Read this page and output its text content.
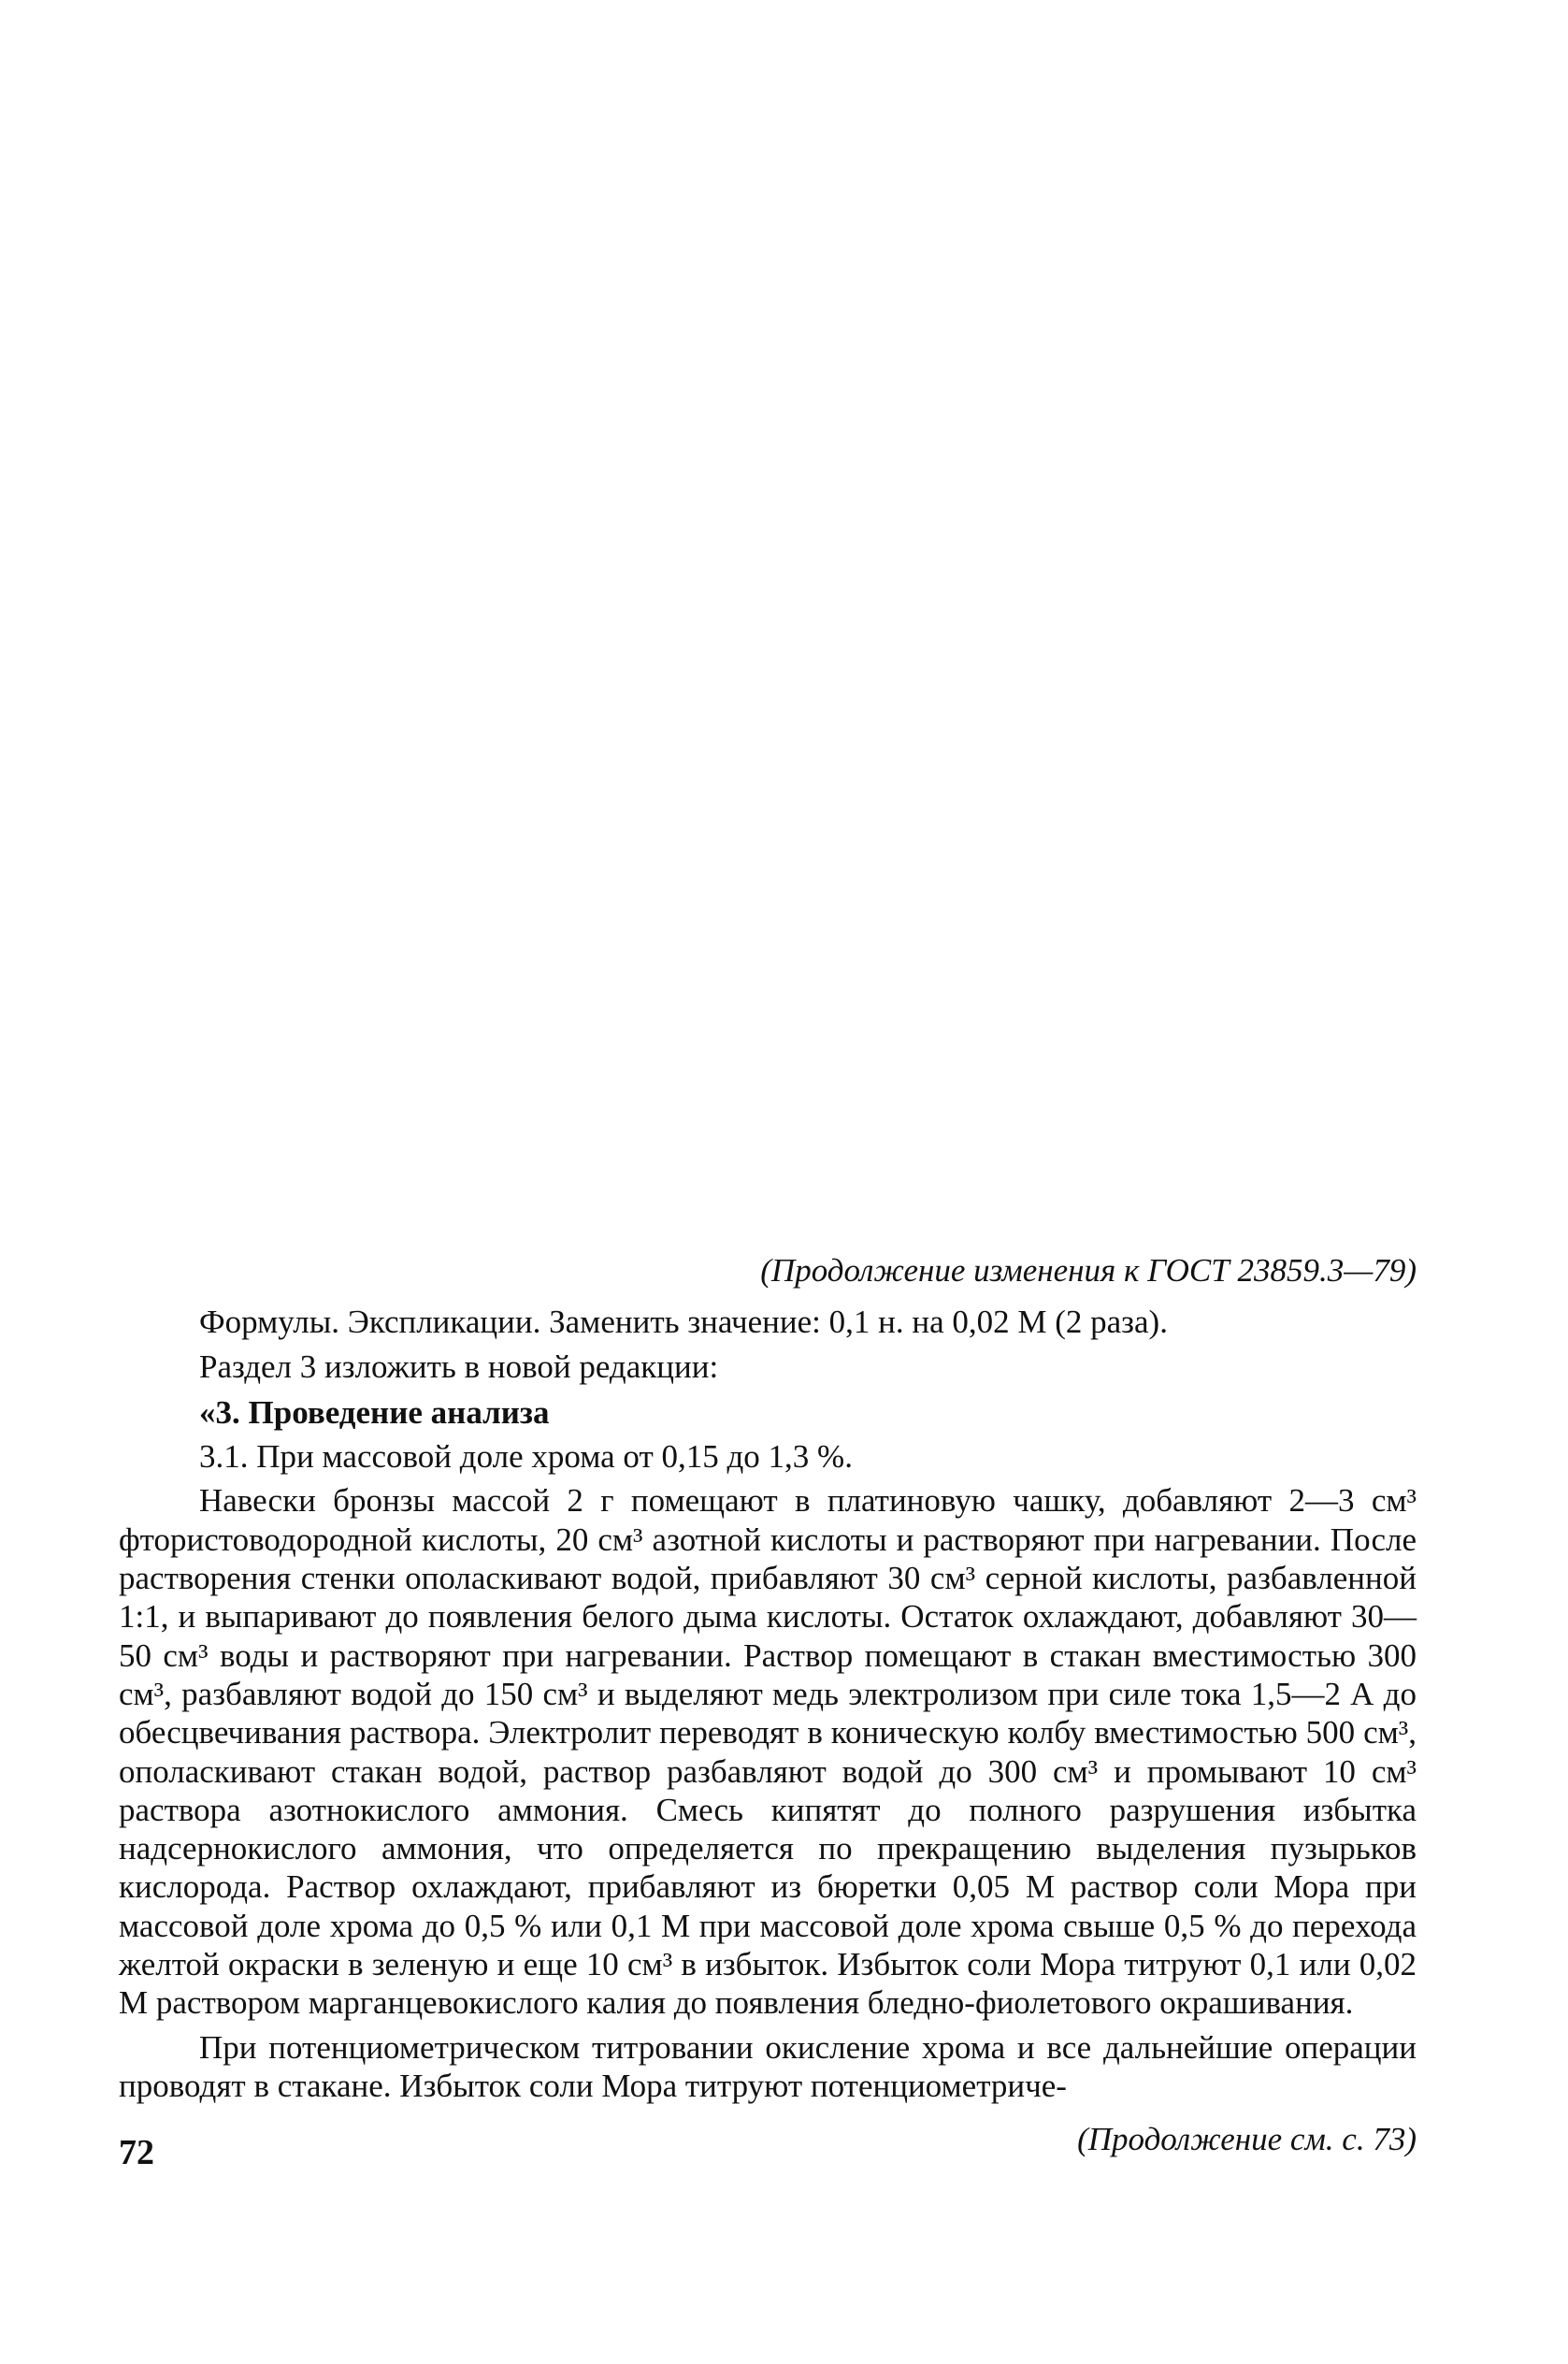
(Продолжение изменения к ГОСТ 23859.3—79)

Формулы. Экспликации. Заменить значение: 0,1 н. на 0,02 М (2 раза).

Раздел 3 изложить в новой редакции:

«3. Проведение анализа

3.1. При массовой доле хрома от 0,15 до 1,3 %.

Навески бронзы массой 2 г помещают в платиновую чашку, добавляют 2—3 см³ фтористоводородной кислоты, 20 см³ азотной кислоты и растворяют при нагревании. После растворения стенки ополаскивают водой, прибавляют 30 см³ серной кислоты, разбавленной 1:1, и выпаривают до появления белого дыма кислоты. Остаток охлаждают, добавляют 30—50 см³ воды и растворяют при нагревании. Раствор помещают в стакан вместимостью 300 см³, разбавляют водой до 150 см³ и выделяют медь электролизом при силе тока 1,5—2 А до обесцвечивания раствора. Электролит переводят в коническую колбу вместимостью 500 см³, ополаскивают стакан водой, раствор разбавляют водой до 300 см³ и промывают 10 см³ раствора азотнокислого аммония. Смесь кипятят до полного разрушения избытка надсернокислого аммония, что определяется по прекращению выделения пузырьков кислорода. Раствор охлаждают, прибавляют из бюретки 0,05 М раствор соли Мора при массовой доле хрома до 0,5 % или 0,1 М при массовой доле хрома свыше 0,5 % до перехода желтой окраски в зеленую и еще 10 см³ в избыток. Избыток соли Мора титруют 0,1 или 0,02 М раствором марганцевокислого калия до появления бледно-фиолетового окрашивания.

При потенциометрическом титровании окисление хрома и все дальнейшие операции проводят в стакане. Избыток соли Мора титруют потенциометриче-

(Продолжение см. с. 73)
72
